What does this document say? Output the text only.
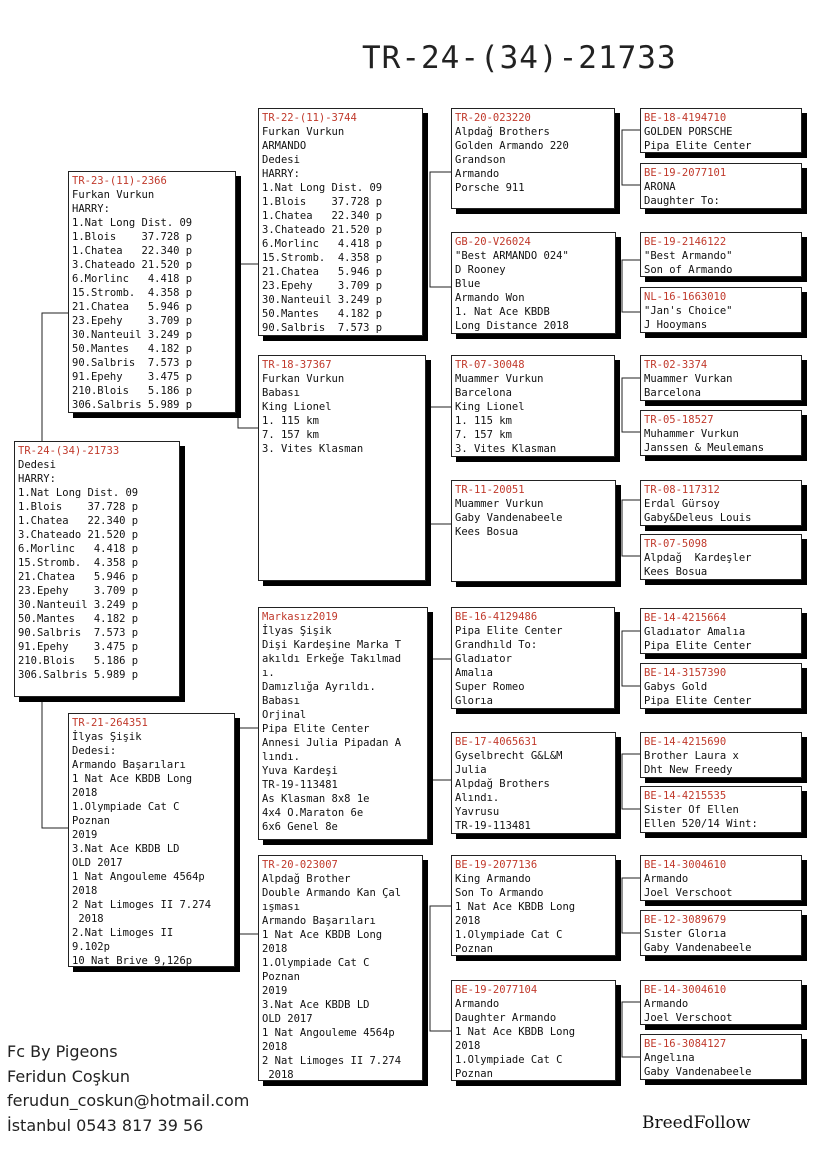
TR-24-(34)-21733
TR-24-(34)-21733
Dedesi
HARRY:
1.Nat Long Dist. 09
1.Blois    37.728 p
1.Chatea   22.340 p
3.Chateado 21.520 p
6.Morlinc   4.418 p
15.Stromb.  4.358 p
21.Chatea   5.946 p
23.Epehy    3.709 p
30.Nanteuil 3.249 p
50.Mantes   4.182 p
90.Salbris  7.573 p
91.Epehy    3.475 p
210.Blois   5.186 p
306.Salbris 5.989 p
TR-23-(11)-2366
Furkan Vurkun
HARRY:
1.Nat Long Dist. 09
1.Blois    37.728 p
1.Chatea   22.340 p
3.Chateado 21.520 p
6.Morlinc   4.418 p
15.Stromb.  4.358 p
21.Chatea   5.946 p
23.Epehy    3.709 p
30.Nanteuil 3.249 p
50.Mantes   4.182 p
90.Salbris  7.573 p
91.Epehy    3.475 p
210.Blois   5.186 p
306.Salbris 5.989 p
TR-21-264351
İlyas Şişik
Dedesi:
Armando Başarıları
1 Nat Ace KBDB Long
2018
1.Olympiade Cat C
Poznan
2019
3.Nat Ace KBDB LD
OLD 2017
1 Nat Angouleme 4564p
2018
2 Nat Limoges II 7.274
2018
2.Nat Limoges II
9.102p
10 Nat Brive 9,126p
TR-22-(11)-3744
Furkan Vurkun
ARMANDO
Dedesi
HARRY:
1.Nat Long Dist. 09
1.Blois    37.728 p
1.Chatea   22.340 p
3.Chateado 21.520 p
6.Morlinc   4.418 p
15.Stromb.  4.358 p
21.Chatea   5.946 p
23.Epehy    3.709 p
30.Nanteuil 3.249 p
50.Mantes   4.182 p
90.Salbris  7.573 p
TR-18-37367
Furkan Vurkun
Babası
King Lionel
1. 115 km
7. 157 km
3. Vites Klasman
Markasız2019
İlyas Şişik
Dişi Kardeşine Marka T
akıldı Erkeğe Takılmad
ı.
Damızlığa Ayrıldı.
Babası
Orjinal
Pipa Elite Center
Annesi Julia Pipadan A
lındı.
Yuva Kardeşi
TR-19-113481
As Klasman 8x8 1e
4x4 O.Maraton 6e
6x6 Genel 8e
TR-20-023007
Alpdağ Brother
Double Armando Kan Çal
ışması
Armando Başarıları
1 Nat Ace KBDB Long
2018
1.Olympiade Cat C
Poznan
2019
3.Nat Ace KBDB LD
OLD 2017
1 Nat Angouleme 4564p
2018
2 Nat Limoges II 7.274
2018
TR-20-023220
Alpdağ Brothers
Golden Armando 220
Grandson
Armando
Porsche 911
GB-20-V26024
"Best ARMANDO 024"
D Rooney
Blue
Armando Won
1. Nat Ace KBDB
Long Distance 2018
TR-07-30048
Muammer Vurkun
Barcelona
King Lionel
1. 115 km
7. 157 km
3. Vites Klasman
TR-11-20051
Muammer Vurkun
Gaby Vandenabeele
Kees Bosua
BE-16-4129486
Pipa Elite Center
Grandhıld To:
Gladıator
Amalıa
Super Romeo
Glorıa
BE-17-4065631
Gyselbrecht G&L&M
Julia
Alpdağ Brothers
Alındı.
Yavrusu
TR-19-113481
BE-19-2077136
King Armando
Son To Armando
1 Nat Ace KBDB Long
2018
1.Olympiade Cat C
Poznan
BE-19-2077104
Armando
Daughter Armando
1 Nat Ace KBDB Long
2018
1.Olympiade Cat C
Poznan
BE-18-4194710
GOLDEN PORSCHE
Pipa Elite Center
BE-19-2077101
ARONA
Daughter To:
BE-19-2146122
"Best Armando"
Son of Armando
NL-16-1663010
"Jan's Choice"
J Hooymans
TR-02-3374
Muammer Vurkan
Barcelona
TR-05-18527
Muhammer Vurkun
Janssen & Meulemans
TR-08-117312
Erdal Gürsoy
Gaby&Deleus Louis
TR-07-5098
Alpdağ  Kardeşler
Kees Bosua
BE-14-4215664
Gladıator Amalıa
Pipa Elite Center
BE-14-3157390
Gabys Gold
Pipa Elite Center
BE-14-4215690
Brother Laura x
Dht New Freedy
BE-14-4215535
Sister Of Ellen
Ellen 520/14 Wint:
BE-14-3004610
Armando
Joel Verschoot
BE-12-3089679
Sıster Glorıa
Gaby Vandenabeele
BE-14-3004610
Armando
Joel Verschoot
BE-16-3084127
Angelına
Gaby Vandenabeele
Fc By Pigeons
Feridun Coşkun
ferudun_coskun@hotmail.com
İstanbul 0543 817 39 56	BreedFollow
